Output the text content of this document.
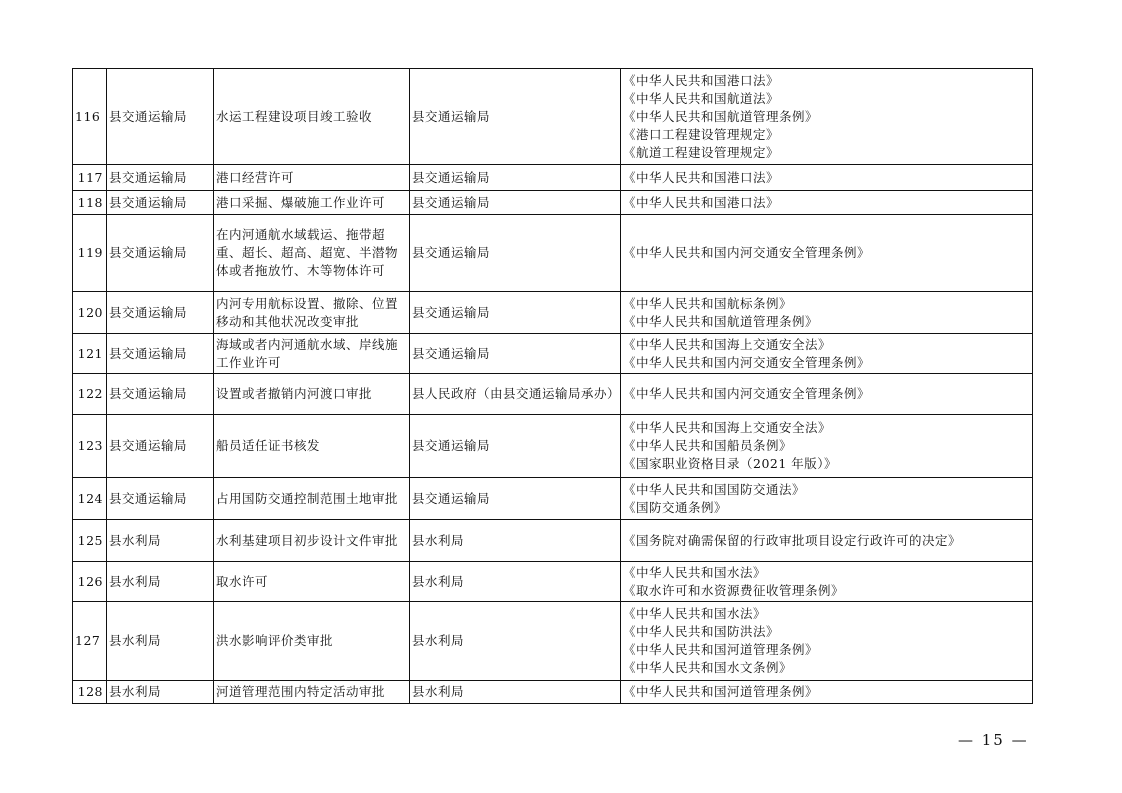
116	县交通运输局	水运工程建设项目竣工验收	县交通运输局	《中华人民共和国港口法》
《中华人民共和国航道法》
《中华人民共和国航道管理条例》
《港口工程建设管理规定》
《航道工程建设管理规定》

117	县交通运输局	港口经营许可	县交通运输局	《中华人民共和国港口法》

118	县交通运输局	港口采掘、爆破施工作业许可	县交通运输局	《中华人民共和国港口法》

119	县交通运输局	在内河通航水域载运、拖带超重、超长、超高、超宽、半潜物体或者拖放竹、木等物体许可	县交通运输局	《中华人民共和国内河交通安全管理条例》

120	县交通运输局	内河专用航标设置、撤除、位置移动和其他状况改变审批	县交通运输局	《中华人民共和国航标条例》
《中华人民共和国航道管理条例》

121	县交通运输局	海域或者内河通航水域、岸线施工作业许可	县交通运输局	《中华人民共和国海上交通安全法》
《中华人民共和国内河交通安全管理条例》

122	县交通运输局	设置或者撤销内河渡口审批	县人民政府（由县交通运输局承办）	《中华人民共和国内河交通安全管理条例》

123	县交通运输局	船员适任证书核发	县交通运输局	《中华人民共和国海上交通安全法》
《中华人民共和国船员条例》
《国家职业资格目录（2021 年版）》

124	县交通运输局	占用国防交通控制范围土地审批	县交通运输局	《中华人民共和国国防交通法》
《国防交通条例》

125	县水利局	水利基建项目初步设计文件审批	县水利局	《国务院对确需保留的行政审批项目设定行政许可的决定》

126	县水利局	取水许可	县水利局	《中华人民共和国水法》
《取水许可和水资源费征收管理条例》

127	县水利局	洪水影响评价类审批	县水利局	《中华人民共和国水法》
《中华人民共和国防洪法》
《中华人民共和国河道管理条例》
《中华人民共和国水文条例》

128	县水利局	河道管理范围内特定活动审批	县水利局	《中华人民共和国河道管理条例》
— 15 —
